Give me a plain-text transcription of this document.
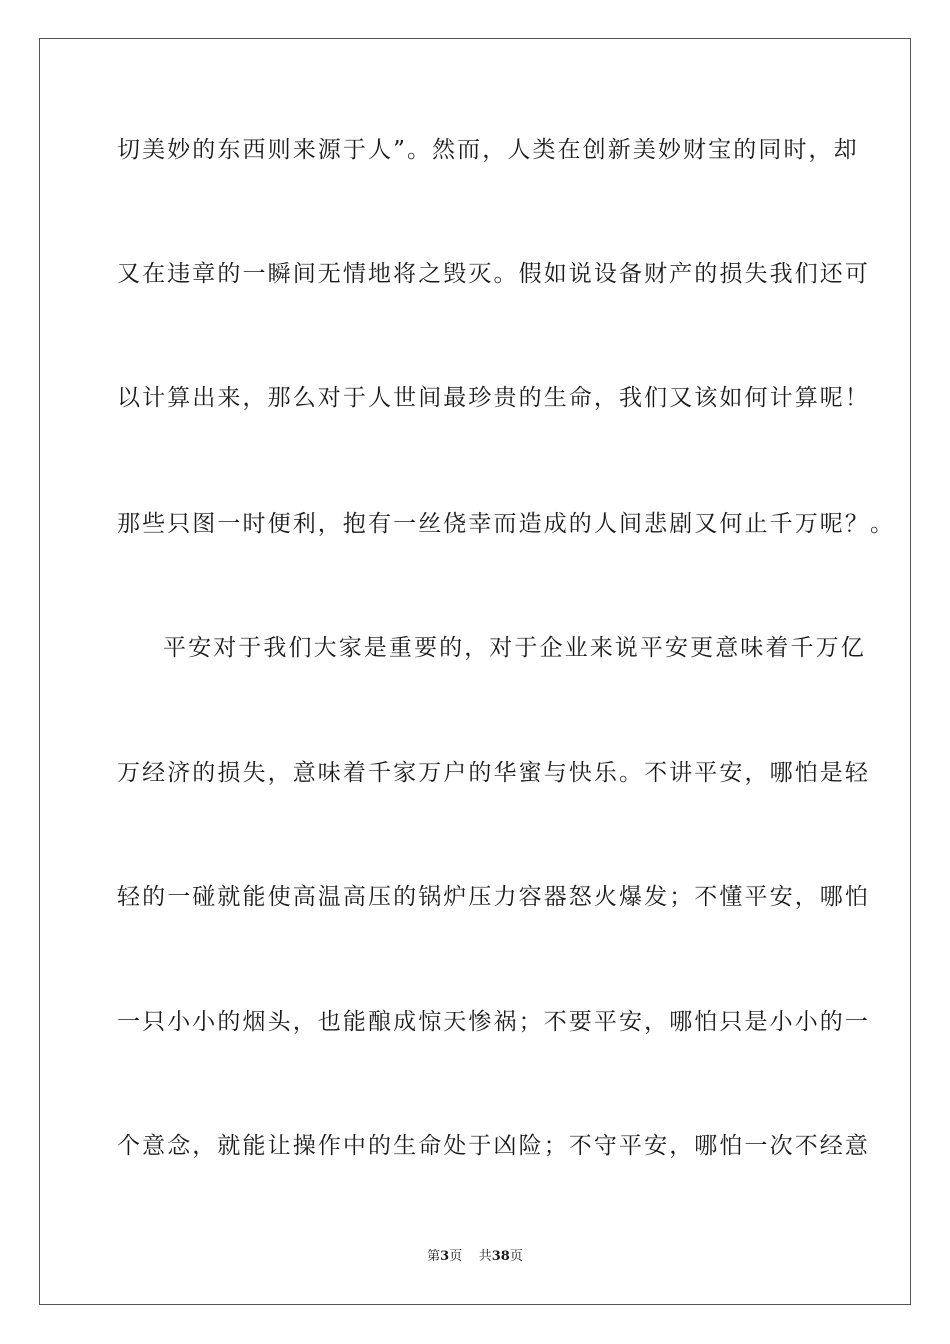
切美妙的东西则来源于人”。然而，人类在创新美妙财宝的同时，却
又在违章的一瞬间无情地将之毁灭。假如说设备财产的损失我们还可
以计算出来，那么对于人世间最珍贵的生命，我们又该如何计算呢！
那些只图一时便利，抱有一丝侥幸而造成的人间悲剧又何止千万呢？。
平安对于我们大家是重要的，对于企业来说平安更意味着千万亿
万经济的损失，意味着千家万户的华蜜与快乐。不讲平安，哪怕是轻
轻的一碰就能使高温高压的锅炉压力容器怒火爆发；不懂平安，哪怕
一只小小的烟头，也能酿成惊天惨祸；不要平安，哪怕只是小小的一
个意念，就能让操作中的生命处于凶险；不守平安，哪怕一次不经意
第3页 共38页
